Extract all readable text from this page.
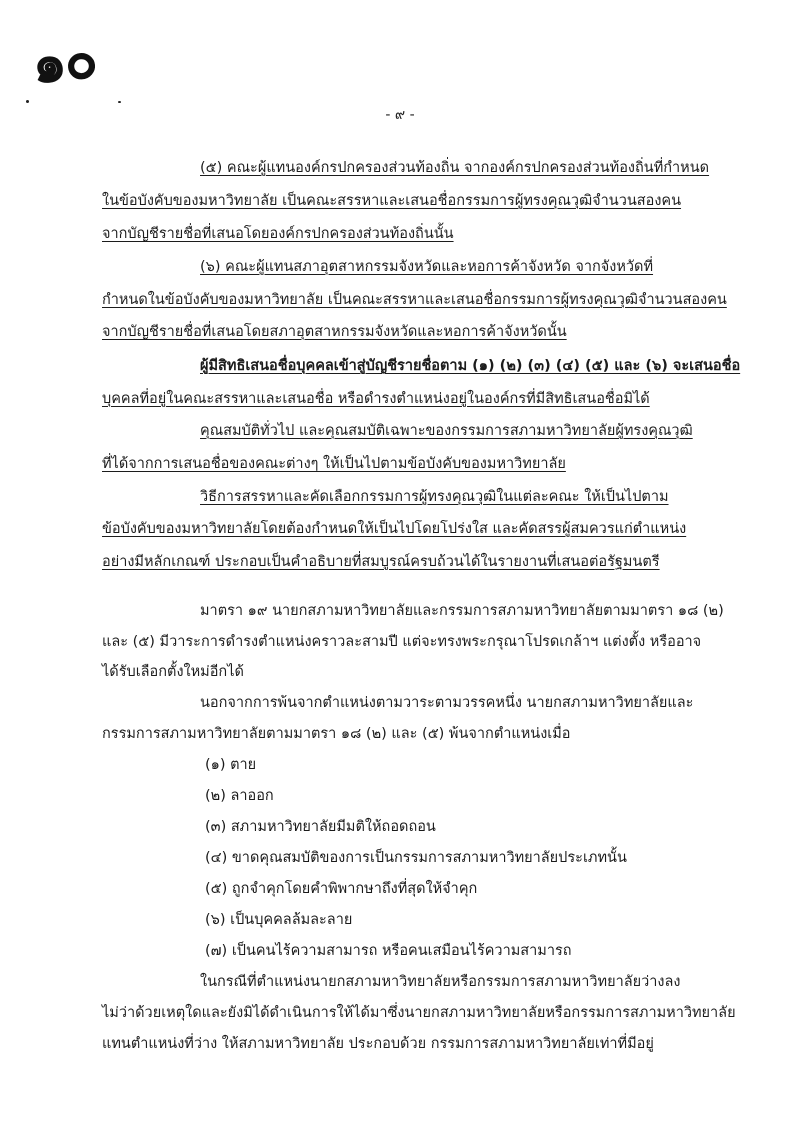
๑๐
- ๙ -
(๕) คณะผู้แทนองค์กรปกครองส่วนท้องถิ่น จากองค์กรปกครองส่วนท้องถิ่นที่กำหนด
ในข้อบังคับของมหาวิทยาลัย เป็นคณะสรรหาและเสนอชื่อกรรมการผู้ทรงคุณวุฒิจำนวนสองคน
จากบัญชีรายชื่อที่เสนอโดยองค์กรปกครองส่วนท้องถิ่นนั้น
(๖) คณะผู้แทนสภาอุตสาหกรรมจังหวัดและหอการค้าจังหวัด จากจังหวัดที่
กำหนดในข้อบังคับของมหาวิทยาลัย เป็นคณะสรรหาและเสนอชื่อกรรมการผู้ทรงคุณวุฒิจำนวนสองคน
จากบัญชีรายชื่อที่เสนอโดยสภาอุตสาหกรรมจังหวัดและหอการค้าจังหวัดนั้น
ผู้มีสิทธิเสนอชื่อบุคคลเข้าสู่บัญชีรายชื่อตาม (๑) (๒) (๓) (๔) (๕) และ (๖) จะเสนอชื่อ
บุคคลที่อยู่ในคณะสรรหาและเสนอชื่อ หรือดำรงตำแหน่งอยู่ในองค์กรที่มีสิทธิเสนอชื่อมิได้
คุณสมบัติทั่วไป และคุณสมบัติเฉพาะของกรรมการสภามหาวิทยาลัยผู้ทรงคุณวุฒิ
ที่ได้จากการเสนอชื่อของคณะต่างๆ ให้เป็นไปตามข้อบังคับของมหาวิทยาลัย
วิธีการสรรหาและคัดเลือกกรรมการผู้ทรงคุณวุฒิในแต่ละคณะ ให้เป็นไปตาม
ข้อบังคับของมหาวิทยาลัยโดยต้องกำหนดให้เป็นไปโดยโปร่งใส และคัดสรรผู้สมควรแก่ตำแหน่ง
อย่างมีหลักเกณฑ์ ประกอบเป็นคำอธิบายที่สมบูรณ์ครบถ้วนได้ในรายงานที่เสนอต่อรัฐมนตรี
มาตรา ๑๙ นายกสภามหาวิทยาลัยและกรรมการสภามหาวิทยาลัยตามมาตรา ๑๘ (๒)
และ (๕) มีวาระการดำรงตำแหน่งคราวละสามปี แต่จะทรงพระกรุณาโปรดเกล้าฯ แต่งตั้ง หรืออาจ
ได้รับเลือกตั้งใหม่อีกได้
นอกจากการพ้นจากตำแหน่งตามวาระตามวรรคหนึ่ง นายกสภามหาวิทยาลัยและ
กรรมการสภามหาวิทยาลัยตามมาตรา ๑๘ (๒) และ (๕) พ้นจากตำแหน่งเมื่อ
(๑) ตาย
(๒) ลาออก
(๓) สภามหาวิทยาลัยมีมติให้ถอดถอน
(๔) ขาดคุณสมบัติของการเป็นกรรมการสภามหาวิทยาลัยประเภทนั้น
(๕) ถูกจำคุกโดยคำพิพากษาถึงที่สุดให้จำคุก
(๖) เป็นบุคคลล้มละลาย
(๗) เป็นคนไร้ความสามารถ หรือคนเสมือนไร้ความสามารถ
ในกรณีที่ตำแหน่งนายกสภามหาวิทยาลัยหรือกรรมการสภามหาวิทยาลัยว่างลง
ไม่ว่าด้วยเหตุใดและยังมิได้ดำเนินการให้ได้มาซึ่งนายกสภามหาวิทยาลัยหรือกรรมการสภามหาวิทยาลัย
แทนตำแหน่งที่ว่าง ให้สภามหาวิทยาลัย ประกอบด้วย กรรมการสภามหาวิทยาลัยเท่าที่มีอยู่
